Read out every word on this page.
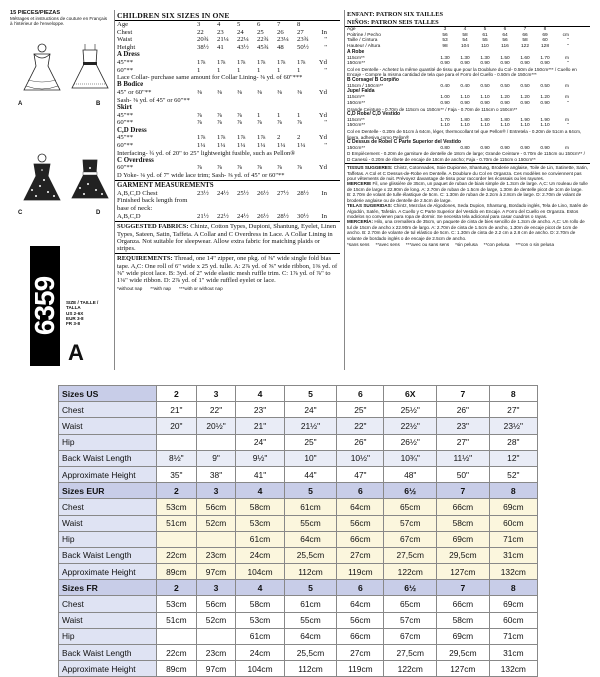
15 PIECES/PIEZAS
Métrages et instructions de couture en Français à l'intérieur de l'enveloppe.
A	B
C	D
6359 SIZE / TAILLE / TALLA
US 2-6X
EUR 3-8
FR 3-8
A
CHILDREN SIX SIZES IN ONE
Age	3	4	5	6	7	8
Chest	22	23	24	25	26	27	In
Waist	20¾	21¼	22¼	22¾	23¼	23¾	"
Height	38½	41	43½	45¾	48	50½	"
A Dress
45"**	1⅞	1⅞	1⅞	1⅞	1⅞	1⅞	Yd
60"**	1	1	1	1	1	1	"
Lace Collar- purchase same amount for Collar Lining- ⅜ yd. of 60"***
B Bodice
45" or 60"**	⅜	⅜	⅜	⅜	⅜	⅜	Yd
Sash- ⅜ yd. of 45" or 60"**
Skirt
45"**	⅞	⅞	⅞	1	1	1	Yd
60"**	⅞	⅞	⅞	⅞	⅞	⅞	"
C,D Dress
45"**	1⅞	1⅞	1⅞	1⅞	2	2	Yd
60"**	1¼	1¼	1¼	1¼	1¼	1¼	"
Interfacing- ¾ yd. of 20" to 25" lightweight fusible, such as Pellon®
C Overdress
60"**	⅞	⅞	⅞	⅞	⅞	⅞	Yd
D Yoke- ⅛ yd. of 7" wide lace trim; Sash- ⅜ yd. of 45" or 60"**
GARMENT MEASUREMENTS
A,B,C,D Chest	23½	24½	25½	26½	27½	28½	In
Finished back length from base of neck:
A,B,C,D	21½	22½	24½	26½	28½	30½	In
SUGGESTED FABRICS: Chintz, Cotton Types, Dupioni, Shantung, Eyelet, Linen Types, Sateen, Satin, Taffeta. A Collar and C Overdress in Lace. A Collar Lining in Organza. Not suitable for sleepwear. Allow extra fabric for matching plaids or stripes.
REQUIREMENTS: Thread, one 14" zipper, one pkg. of ⅜" wide single fold bias tape. A,C: One roll of 6" wide x 25 yd. tulle. A: 2⅞ yd. of ⅝" wide ribbon, 1⅜ yd. of ⅜" wide picot lace. B: 3yd. of 2" wide elastic mesh ruffle trim. C: 1⅞ yd. of ⅞" to 1⅛" wide ribbon. D: 2⅞ yd. of 1" wide ruffled eyelet or lace.
*without nap **with nap ***with or without nap
ENFANT: PATRON SIX TAILLES
NIÑOS: PATRON SEIS TALLES
Age	3	4	5	6	7	8
Poitrine / Pecho	56	58	61	64	66	69	cm
Taille / Cintura	53	54	55	56	58	60	"
Hauteur / Altura	98	104	110	116	122	128	"
A Robe
115cm**	1.30	1.30	1.30	1.50	1.60	1.70	m
150cm**	0.90	0.90	0.90	0.90	0.90	0.90	"
Col en Dentelle - Achetez la même quantité de tissu que pour la Doublure du Col- 0.50m de 150cm*** / Cuello en Encaje - Compre la misma cantidad de tela que para el Forro del Cuello - 0.50m de 150cm***
B Corsage/ B Corpiño
115cm / 150cm**	0.40	0.40	0.50	0.50	0.50	0.50	m
Jupe/ Falda
115cm**	1.00	1.10	1.10	1.20	1.20	1.20	m
150cm**	0.90	0.90	0.90	0.90	0.90	0.90	"
Grande Ceinture - 0.70m de 115cm ou 150cm** / Faja - 0.70m de 115cm o 150cm**
C,D Robe/ C,D Vestido
115cm**	1.70	1.80	1.80	1.80	1.90	1.90	m
150cm**	1.10	1.10	1.10	1.10	1.10	1.10	"
Col en Dentelle - 0.20m de 51cm à 64cm, léger, thermocollant tel que Pellon® / Entretela - 0.20m de 51cm a 64cm, ligera, adhesiva como Pellon®
C Dessus de Robe/ C Parte Superior del Vestido
150cm**	0.80	0.80	0.90	0.90	0.90	0.90	m
D Empiècement - 0.20m de garniture de dentelle de 18cm de large; Grande Ceinture - 0.70m de 115cm ou 150cm** / D Canesú - 0.20m de ribete de encaje de 18cm de ancho; Faja - 0.70m de 115cm o 150cm**
TISSUS SUGGERES: Chintz, Cotonnades, Soie Dupionne, Shantung, Broderie anglaise, Toile de Lin, Satinette, Satin, Taffetas. A Col et C Dessus-de-Robe en Dentelle. A Doublure du Col en Organza. Ces modèles ne conviennent pas pour vêtements de nuit. Prévoyez davantage de tissu pour raccorder les écossais ou les rayures.
MERCERIE Fil, une glissière de 35cm, un paquet de ruban de biais simple de 1.3cm de large. A,C: Un rouleau de tulle de 15cm de large x 22.90m de long. A: 2.70m de ruban de 1.5cm de large, 1.30m de dentelle picot de 1cm de large. B: 2.70m de volant de tulle élastique de 5cm. C: 1.30m de ruban de 2.2cm à 2.8cm de large. D: 2.70m de volant de broderie anglaise ou de dentelle de 2.5cm de large.
TELAS SUGERIDAS: Chintz, Mezclas de Algodones, Seda Dupion, Shantung, Bordado inglés, Tela de Lino, Satén de Algodón, Satén, Tafetán. A Cuello y C Parte Superior del Vestido en Encaje. A Forro del Cuello en Organza. Estos modelos no convienen para ropa de dormir. Se necesita tela adicional para casar cuadros o rayas.
MERCERÍA: Hilo, una cremallera de 35cm, un paquete de cinta de bies sencillo de 1.3cm de ancho. A,C: Un rollo de tul de 15cm de ancho x 22.90m de largo. A: 2.70m de cinta de 1.5cm de ancho, 1.30m de encaje picot de 1cm de ancho. B: 2.70m de volante de tul elástico de 5cm. C: 1.30m de cinta de 2.2 cm a 2.8 cm de ancho. D: 2.70m de volante de bordado inglés o de encaje de 2.5cm de ancho.
*sans sens **avec sens ***avec ou sans sens *sin pelusa **con pelusa ***con o sin pelusa
Sizes US	2	3	4	5	6	6X	7	8
Chest	21"	22"	23"	24"	25"	25½"	26"	27"
Waist	20"	20½"	21"	21½"	22"	22½"	23"	23½"
Hip			24"	25"	26"	26½"	27"	28"
Back Waist Length	8½"	9"	9½"	10"	10½"	10¾"	11½"	12"
Approximate Height	35"	38"	41"	44"	47"	48"	50"	52"
Sizes EUR	2	3	4	5	6	6½	7	8
Chest	53cm	56cm	58cm	61cm	64cm	65cm	66cm	69cm
Waist	51cm	52cm	53cm	55cm	56cm	57cm	58cm	60cm
Hip			61cm	64cm	66cm	67cm	69cm	71cm
Back Waist Length	22cm	23cm	24cm	25,5cm	27cm	27,5cm	29,5cm	31cm
Approximate Height	89cm	97cm	104cm	112cm	119cm	122cm	127cm	132cm
Sizes FR	2	3	4	5	6	6½	7	8
Chest	53cm	56cm	58cm	61cm	64cm	65cm	66cm	69cm
Waist	51cm	52cm	53cm	55cm	56cm	57cm	58cm	60cm
Hip			61cm	64cm	66cm	67cm	69cm	71cm
Back Waist Length	22cm	23cm	24cm	25,5cm	27cm	27,5cm	29,5cm	31cm
Approximate Height	89cm	97cm	104cm	112cm	119cm	122cm	127cm	132cm
